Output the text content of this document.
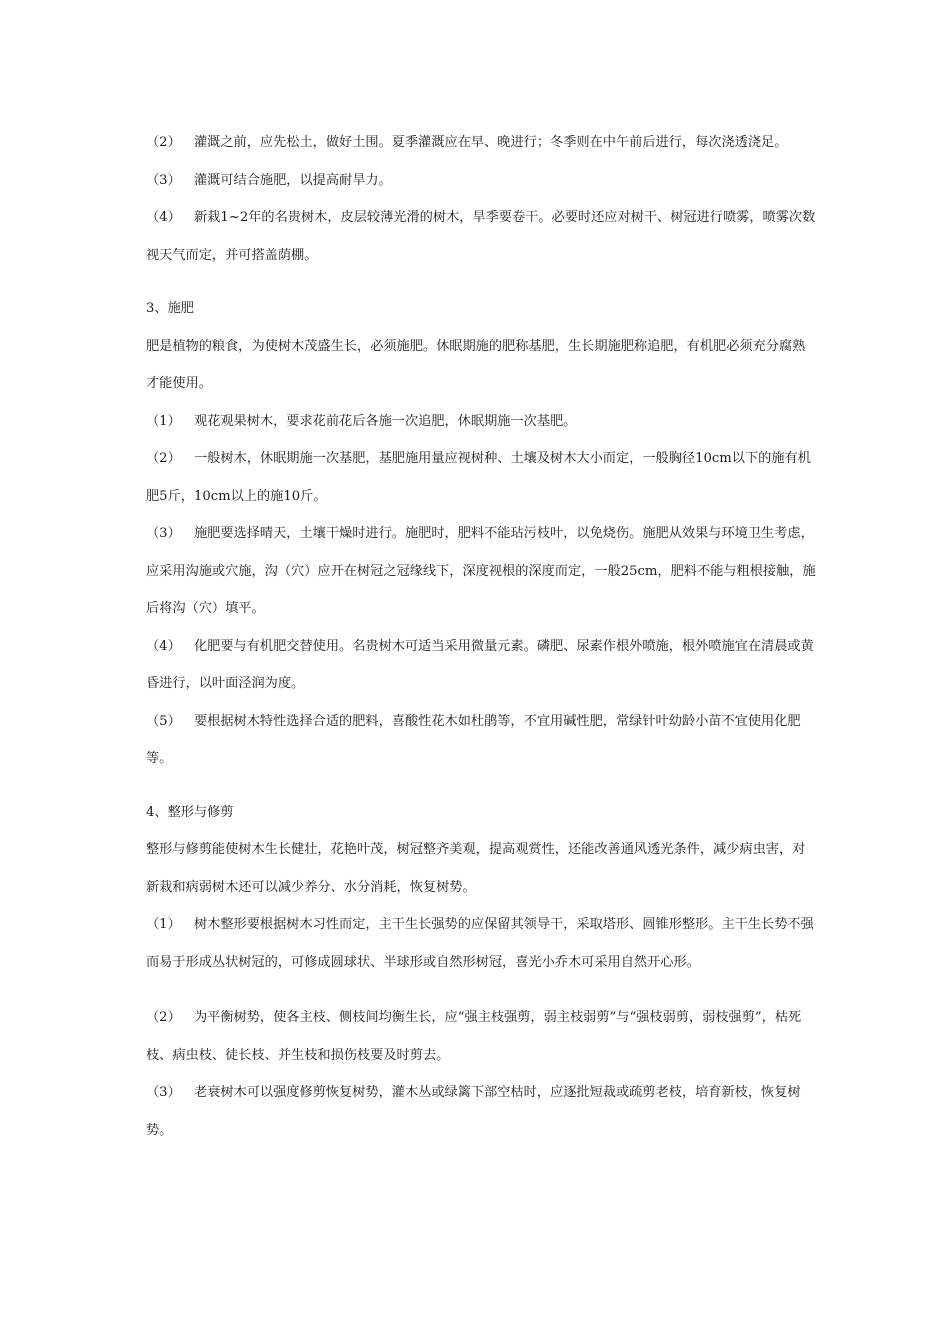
（2） 灌溉之前，应先松土，做好土围。夏季灌溉应在早、晚进行；冬季则在中午前后进行，每次浇透浇足。

（3） 灌溉可结合施肥，以提高耐旱力。

（4） 新栽1~2年的名贵树木，皮层较薄光滑的树木，旱季要卷干。必要时还应对树干、树冠进行喷雾，喷雾次数视天气而定，并可搭盖荫棚。

3、施肥

肥是植物的粮食，为使树木茂盛生长，必须施肥。休眠期施的肥称基肥，生长期施肥称追肥，有机肥必须充分腐熟才能使用。

（1） 观花观果树木，要求花前花后各施一次追肥，休眠期施一次基肥。

（2） 一般树木，休眠期施一次基肥，基肥施用量应视树种、土壤及树木大小而定，一般胸径10cm以下的施有机肥5斤，10cm以上的施10斤。

（3） 施肥要选择晴天，土壤干燥时进行。施肥时，肥料不能玷污枝叶，以免烧伤。施肥从效果与环境卫生考虑，应采用沟施或穴施，沟（穴）应开在树冠之冠缘线下，深度视根的深度而定，一般25cm，肥料不能与粗根接触，施后将沟（穴）填平。

（4） 化肥要与有机肥交替使用。名贵树木可适当采用微量元素。磷肥、尿素作根外喷施，根外喷施宜在清晨或黄昏进行，以叶面泾润为度。

（5） 要根据树木特性选择合适的肥料，喜酸性花木如杜鹃等，不宜用碱性肥，常绿针叶幼龄小苗不宜使用化肥等。

4、整形与修剪

整形与修剪能使树木生长健壮，花艳叶茂，树冠整齐美观，提高观赏性，还能改善通风透光条件，减少病虫害，对新栽和病弱树木还可以减少养分、水分消耗，恢复树势。

（1） 树木整形要根据树木习性而定，主干生长强势的应保留其领导干，采取塔形、圆锥形整形。主干生长势不强而易于形成丛状树冠的，可修成圆球状、半球形或自然形树冠，喜光小乔木可采用自然开心形。

（2） 为平衡树势，使各主枝、侧枝间均衡生长，应“强主枝强剪，弱主枝弱剪”与“强枝弱剪，弱枝强剪”，枯死枝、病虫枝、徒长枝、并生枝和损伤枝要及时剪去。

（3） 老衰树木可以强度修剪恢复树势，灌木丛或绿篱下部空枯时，应逐批短裁或疏剪老枝，培育新枝，恢复树势。
